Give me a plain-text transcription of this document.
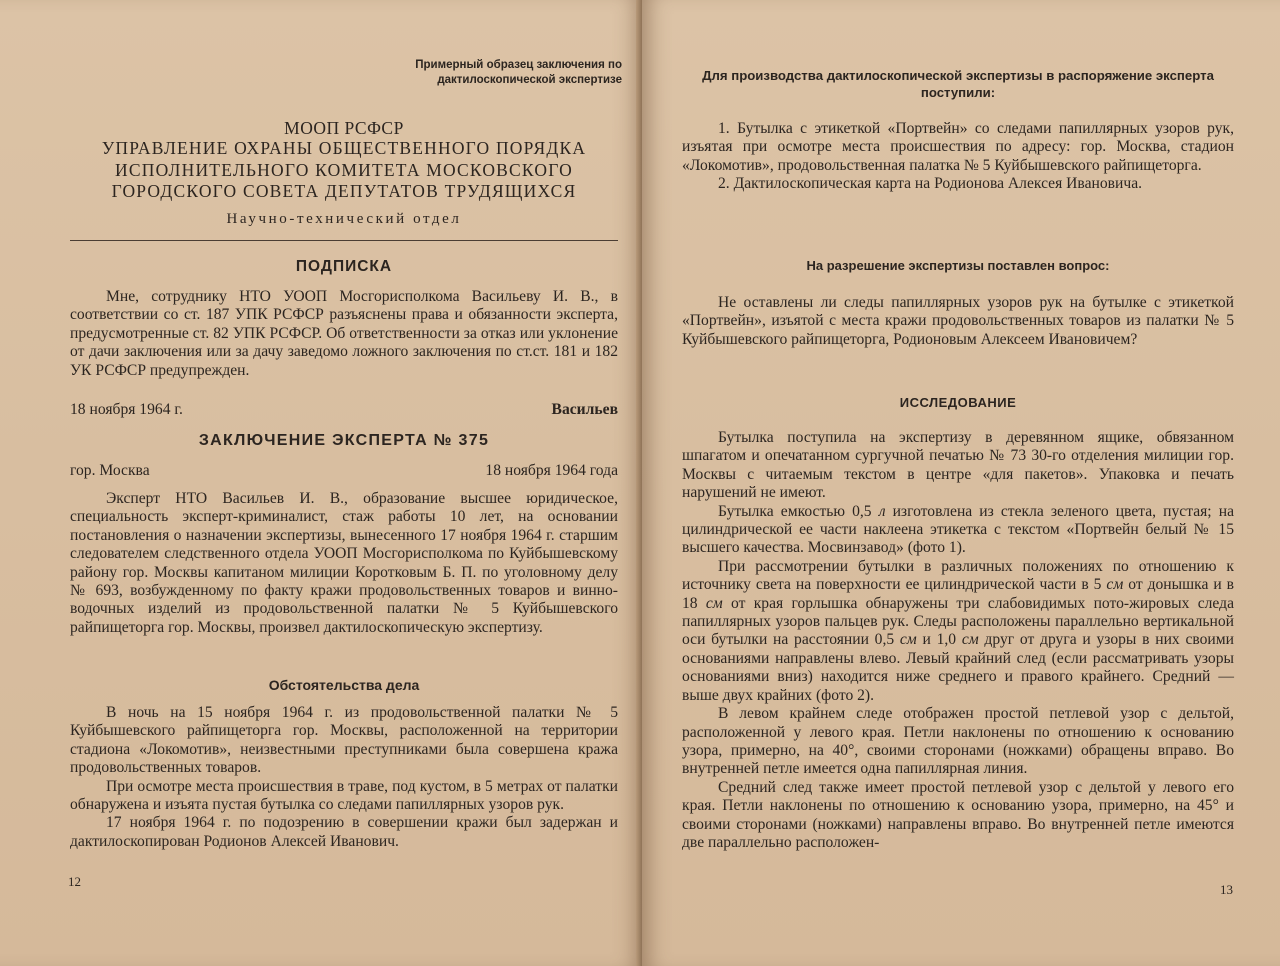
Примерный образец заключения по
дактилоскопической экспертизе
МООП РСФСР
УПРАВЛЕНИЕ ОХРАНЫ ОБЩЕСТВЕННОГО ПОРЯДКА
ИСПОЛНИТЕЛЬНОГО КОМИТЕТА МОСКОВСКОГО
ГОРОДСКОГО СОВЕТА ДЕПУТАТОВ ТРУДЯЩИХСЯ
Научно-технический отдел
ПОДПИСКА

Мне, сотруднику НТО УООП Мосгорисполкома Васильеву И. В., в соответствии со ст. 187 УПК РСФСР разъяснены права и обязанности эксперта, предусмотренные ст. 82 УПК РСФСР. Об ответственности за отказ или уклонение от дачи заключения или за дачу заведомо ложного заключения по ст.ст. 181 и 182 УК РСФСР предупрежден.

18 ноября 1964 г.	Васильев
ЗАКЛЮЧЕНИЕ ЭКСПЕРТА № 375
гор. Москва	18 ноября 1964 года

Эксперт НТО Васильев И. В., образование высшее юридическое, специальность эксперт-криминалист, стаж работы 10 лет, на основании постановления о назначении экспертизы, вынесенного 17 ноября 1964 г. старшим следователем следственного отдела УООП Мосгорисполкома по Куйбышевскому району гор. Москвы капитаном милиции Коротковым Б. П. по уголовному делу № 693, возбужденному по факту кражи продовольственных товаров и винно-водочных изделий из продовольственной палатки № 5 Куйбышевского райпищеторга гор. Москвы, произвел дактилоскопическую экспертизу.

Обстоятельства дела

В ночь на 15 ноября 1964 г. из продовольственной палатки № 5 Куйбышевского райпищеторга гор. Москвы, расположенной на территории стадиона «Локомотив», неизвестными преступниками была совершена кража продовольственных товаров.

При осмотре места происшествия в траве, под кустом, в 5 метрах от палатки обнаружена и изъята пустая бутылка со следами папиллярных узоров рук.

17 ноября 1964 г. по подозрению в совершении кражи был задержан и дактилоскопирован Родионов Алексей Иванович.

12
Для производства дактилоскопической экспертизы в распоряжение эксперта поступили:

1. Бутылка с этикеткой «Портвейн» со следами папиллярных узоров рук, изъятая при осмотре места происшествия по адресу: гор. Москва, стадион «Локомотив», продовольственная палатка № 5 Куйбышевского райпищеторга.

2. Дактилоскопическая карта на Родионова Алексея Ивановича.

На разрешение экспертизы поставлен вопрос:

Не оставлены ли следы папиллярных узоров рук на бутылке с этикеткой «Портвейн», изъятой с места кражи продовольственных товаров из палатки № 5 Куйбышевского райпищеторга, Родионовым Алексеем Ивановичем?

ИССЛЕДОВАНИЕ

Бутылка поступила на экспертизу в деревянном ящике, обвязанном шпагатом и опечатанном сургучной печатью № 73 30-го отделения милиции гор. Москвы с читаемым текстом в центре «для пакетов». Упаковка и печать нарушений не имеют.

Бутылка емкостью 0,5 л изготовлена из стекла зеленого цвета, пустая; на цилиндрической ее части наклеена этикетка с текстом «Портвейн белый № 15 высшего качества. Мосвинзавод» (фото 1).

При рассмотрении бутылки в различных положениях по отношению к источнику света на поверхности ее цилиндрической части в 5 см от донышка и в 18 см от края горлышка обнаружены три слабовидимых пото-жировых следа папиллярных узоров пальцев рук. Следы расположены параллельно вертикальной оси бутылки на расстоянии 0,5 см и 1,0 см друг от друга и узоры в них своими основаниями направлены влево. Левый крайний след (если рассматривать узоры основаниями вниз) находится ниже среднего и правого крайнего. Средний — выше двух крайних (фото 2).

В левом крайнем следе отображен простой петлевой узор с дельтой, расположенной у левого края. Петли наклонены по отношению к основанию узора, примерно, на 40°, своими сторонами (ножками) обращены вправо. Во внутренней петле имеется одна папиллярная линия.

Средний след также имеет простой петлевой узор с дельтой у левого его края. Петли наклонены по отношению к основанию узора, примерно, на 45° и своими сторонами (ножками) направлены вправо. Во внутренней петле имеются две параллельно расположен-

13
